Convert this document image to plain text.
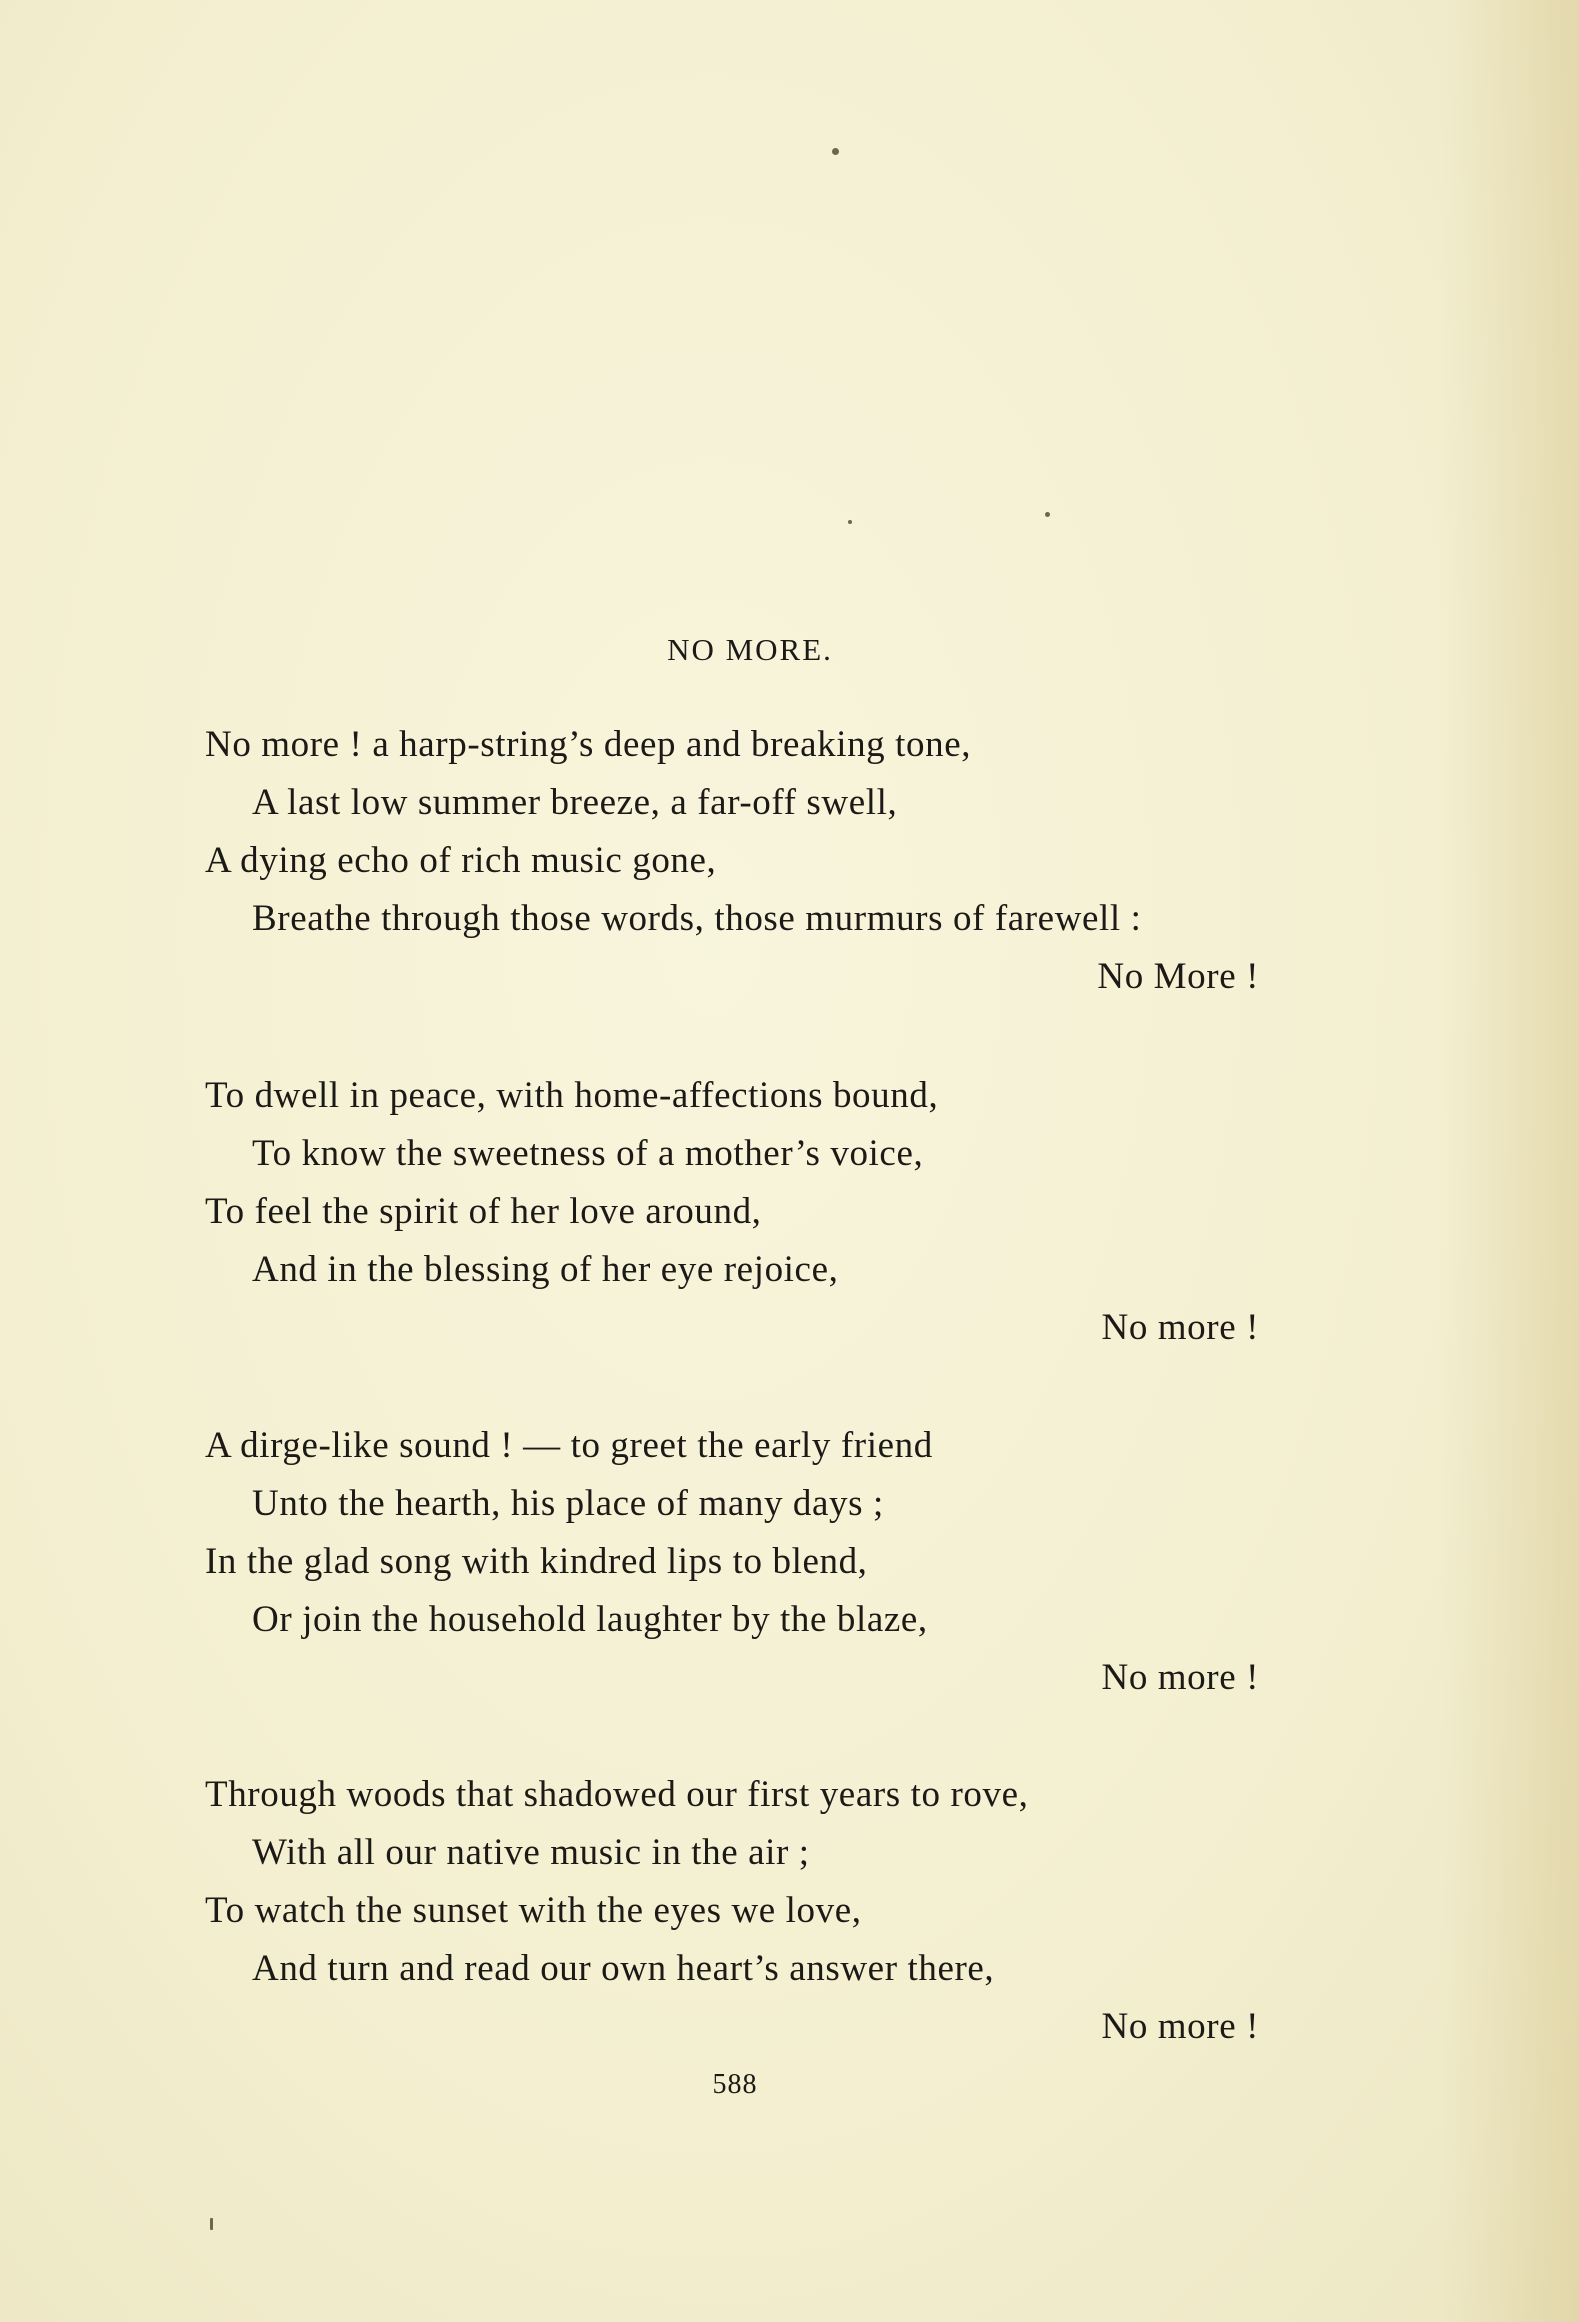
NO MORE.
No more ! a harp-string’s deep and breaking tone,
A last low summer breeze, a far-off swell,
A dying echo of rich music gone,
Breathe through those words, those murmurs of farewell :
No More !
To dwell in peace, with home-affections bound,
To know the sweetness of a mother’s voice,
To feel the spirit of her love around,
And in the blessing of her eye rejoice,
No more !
A dirge-like sound ! — to greet the early friend
Unto the hearth, his place of many days ;
In the glad song with kindred lips to blend,
Or join the household laughter by the blaze,
No more !
Through woods that shadowed our first years to rove,
With all our native music in the air ;
To watch the sunset with the eyes we love,
And turn and read our own heart’s answer there,
No more !
588
